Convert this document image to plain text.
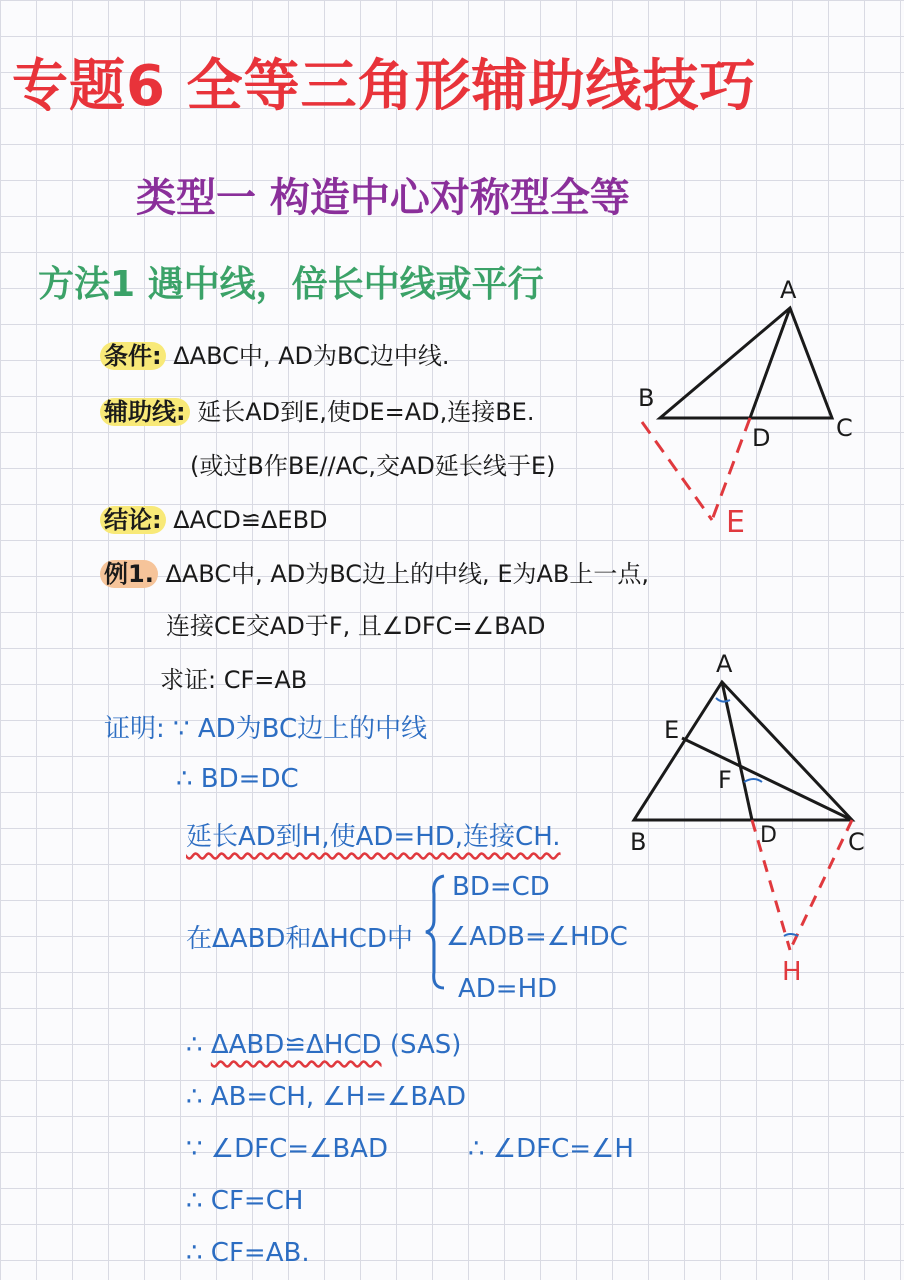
专题6 全等三角形辅助线技巧
类型一 构造中心对称型全等
方法1 遇中线，倍长中线或平行
条件: ΔABC中, AD为BC边中线.
辅助线: 延长AD到E,使DE=AD,连接BE.
(或过B作BE//AC,交AD延长线于E)
结论: ΔACD≌ΔEBD
例1. ΔABC中, AD为BC边上的中线, E为AB上一点,
连接CE交AD于F, 且∠DFC=∠BAD
求证: CF=AB
证明: ∵ AD为BC边上的中线
∴ BD=DC
延长AD到H,使AD=HD,连接CH.
在ΔABD和ΔHCD中
BD=CD
∠ADB=∠HDC
AD=HD
∴ ΔABD≌ΔHCD (SAS)
∴ AB=CH, ∠H=∠BAD
∵ ∠DFC=∠BAD	∴ ∠DFC=∠H
∴ CF=CH
∴ CF=AB.
A
B
C
D
E
A
E
F
B	D	C
H
